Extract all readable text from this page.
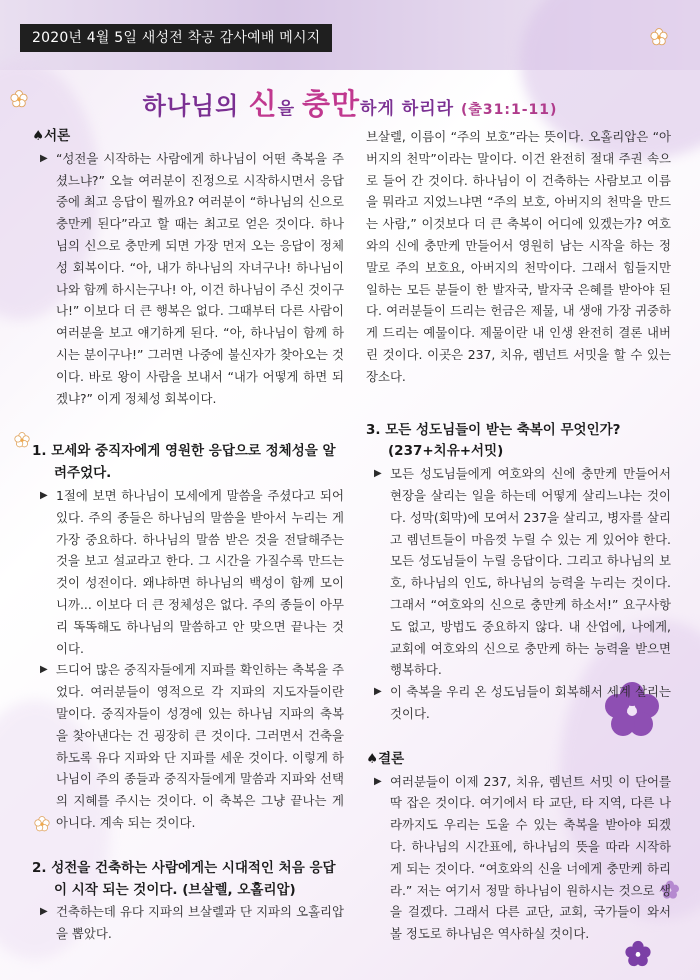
2020년 4월 5일 새성전 착공 감사예배 메시지
하나님의 신을 충만하게 하리라 (출31:1-11)
♠서론
▶ “성전을 시작하는 사람에게 하나님이 어떤 축복을 주셨느냐?” 오늘 여러분이 진정으로 시작하시면서 응답 중에 최고 응답이 뭘까요? 여러분이 “하나님의 신으로 충만케 된다”라고 할 때는 최고로 얻은 것이다. 하나님의 신으로 충만케 되면 가장 먼저 오는 응답이 정체성 회복이다. “아, 내가 하나님의 자녀구나! 하나님이 나와 함께 하시는구나! 아, 이건 하나님이 주신 것이구나!” 이보다 더 큰 행복은 없다. 그때부터 다른 사람이 여러분을 보고 얘기하게 된다. “아, 하나님이 함께 하시는 분이구나!” 그러면 나중에 불신자가 찾아오는 것이다. 바로 왕이 사람을 보내서 “내가 어떻게 하면 되겠냐?” 이게 정체성 회복이다.
1. 모세와 중직자에게 영원한 응답으로 정체성을 알려주었다.
▶ 1절에 보면 하나님이 모세에게 말씀을 주셨다고 되어 있다. 주의 종들은 하나님의 말씀을 받아서 누리는 게 가장 중요하다. 하나님의 말씀 받은 것을 전달해주는 것을 보고 설교라고 한다. 그 시간을 가질수록 만드는 것이 성전이다. 왜냐하면 하나님의 백성이 함께 모이니까... 이보다 더 큰 정체성은 없다. 주의 종들이 아무리 똑똑해도 하나님의 말씀하고 안 맞으면 끝나는 것이다.
▶ 드디어 많은 중직자들에게 지파를 확인하는 축복을 주었다. 여러분들이 영적으로 각 지파의 지도자들이란 말이다. 중직자들이 성경에 있는 하나님 지파의 축복을 찾아낸다는 건 굉장히 큰 것이다. 그러면서 건축을 하도록 유다 지파와 단 지파를 세운 것이다. 이렇게 하나님이 주의 종들과 중직자들에게 말씀과 지파와 선택의 지혜를 주시는 것이다. 이 축복은 그냥 끝나는 게 아니다. 계속 되는 것이다.
2. 성전을 건축하는 사람에게는 시대적인 처음 응답이 시작 되는 것이다. (브살렐, 오홀리압)
▶ 건축하는데 유다 지파의 브살렐과 단 지파의 오홀리압을 뽑았다.
브살렐, 이름이 “주의 보호”라는 뜻이다. 오홀리압은 “아버지의 천막”이라는 말이다. 이건 완전히 절대 주권 속으로 들어 간 것이다. 하나님이 이 건축하는 사람보고 이름을 뭐라고 지었느냐면 “주의 보호, 아버지의 천막을 만드는 사람,” 이것보다 더 큰 축복이 어디에 있겠는가? 여호와의 신에 충만케 만들어서 영원히 남는 시작을 하는 정말로 주의 보호요, 아버지의 천막이다. 그래서 힘들지만 일하는 모든 분들이 한 발자국, 발자국 은혜를 받아야 된다. 여러분들이 드리는 헌금은 제물, 내 생애 가장 귀중하게 드리는 예물이다. 제물이란 내 인생 완전히 결론 내버린 것이다. 이곳은 237, 치유, 렘넌트 서밋을 할 수 있는 장소다.
3. 모든 성도님들이 받는 축복이 무엇인가? (237+치유+서밋)
▶ 모든 성도님들에게 여호와의 신에 충만케 만들어서 현장을 살리는 일을 하는데 어떻게 살리느냐는 것이다. 성막(회막)에 모여서 237을 살리고, 병자를 살리고 렘넌트들이 마음껏 누릴 수 있는 게 있어야 한다. 모든 성도님들이 누릴 응답이다. 그리고 하나님의 보호, 하나님의 인도, 하나님의 능력을 누리는 것이다. 그래서 “여호와의 신으로 충만케 하소서!” 요구사항도 없고, 방법도 중요하지 않다. 내 산업에, 나에게, 교회에 여호와의 신으로 충만케 하는 능력을 받으면 행복하다.
▶ 이 축복을 우리 온 성도님들이 회복해서 세계 살리는 것이다.
♠결론
▶ 여러분들이 이제 237, 치유, 렘넌트 서밋 이 단어를 딱 잡은 것이다. 여기에서 타 교단, 타 지역, 다른 나라까지도 우리는 도울 수 있는 축복을 받아야 되겠다. 하나님의 시간표에, 하나님의 뜻을 따라 시작하게 되는 것이다. “여호와의 신을 너에게 충만케 하리라.” 저는 여기서 정말 하나님이 원하시는 것으로 생을 걸겠다. 그래서 다른 교단, 교회, 국가들이 와서 볼 정도로 하나님은 역사하실 것이다.
